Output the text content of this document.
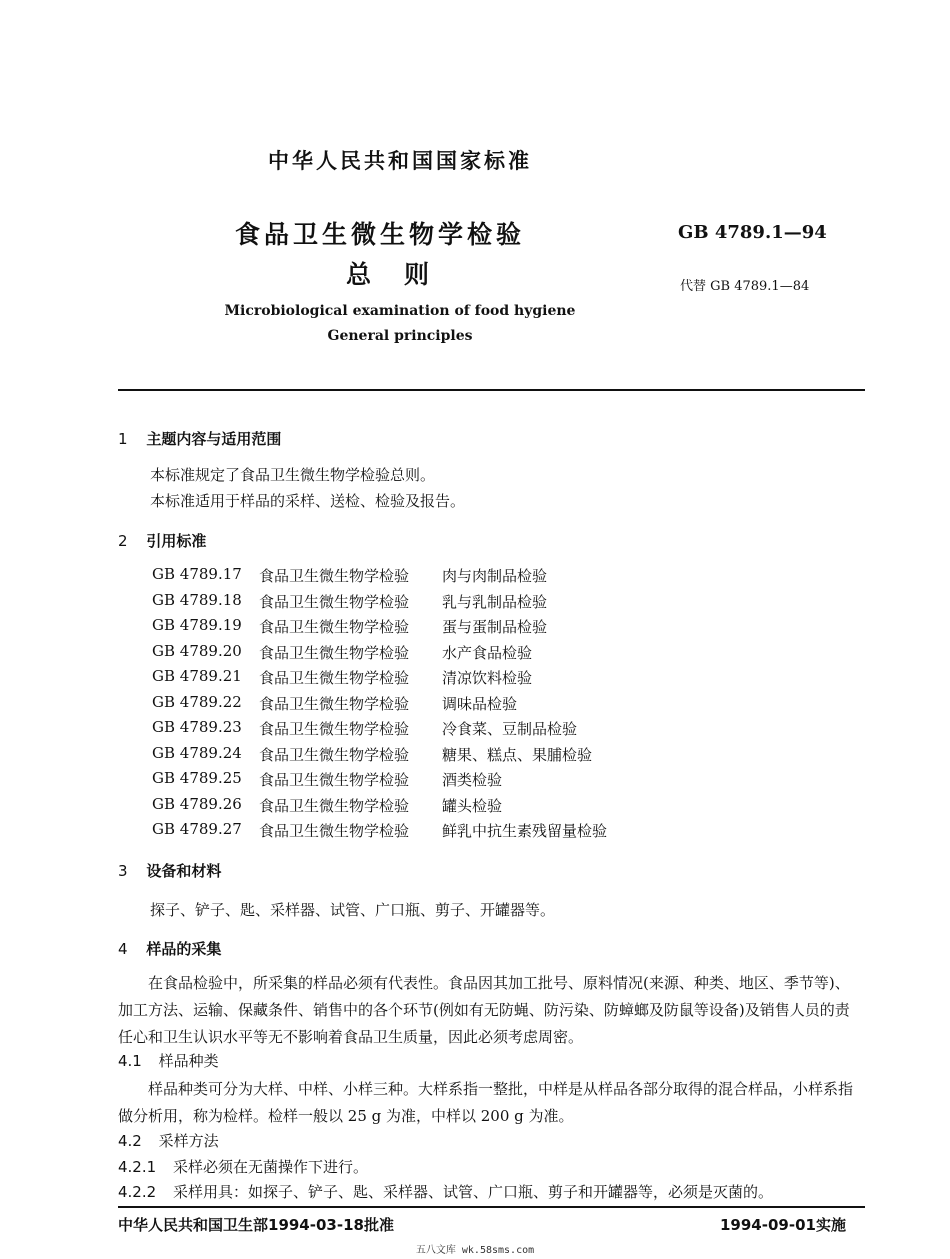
中华人民共和国国家标准
食品卫生微生物学检验
总　则
GB 4789.1—94
代替 GB 4789.1—84
Microbiological examination of food hygiene
General principles
1 主题内容与适用范围
本标准规定了食品卫生微生物学检验总则。
本标准适用于样品的采样、送检、检验及报告。
2 引用标准
GB 4789.17 食品卫生微生物学检验 肉与肉制品检验
GB 4789.18 食品卫生微生物学检验 乳与乳制品检验
GB 4789.19 食品卫生微生物学检验 蛋与蛋制品检验
GB 4789.20 食品卫生微生物学检验 水产食品检验
GB 4789.21 食品卫生微生物学检验 清凉饮料检验
GB 4789.22 食品卫生微生物学检验 调味品检验
GB 4789.23 食品卫生微生物学检验 冷食菜、豆制品检验
GB 4789.24 食品卫生微生物学检验 糖果、糕点、果脯检验
GB 4789.25 食品卫生微生物学检验 酒类检验
GB 4789.26 食品卫生微生物学检验 罐头检验
GB 4789.27 食品卫生微生物学检验 鲜乳中抗生素残留量检验
3 设备和材料
探子、铲子、匙、采样器、试管、广口瓶、剪子、开罐器等。
4 样品的采集
在食品检验中，所采集的样品必须有代表性。食品因其加工批号、原料情况(来源、种类、地区、季节等)、加工方法、运输、保藏条件、销售中的各个环节(例如有无防蝇、防污染、防蟑螂及防鼠等设备)及销售人员的责任心和卫生认识水平等无不影响着食品卫生质量，因此必须考虑周密。
4.1 样品种类
样品种类可分为大样、中样、小样三种。大样系指一整批，中样是从样品各部分取得的混合样品，小样系指做分析用，称为检样。检样一般以 25 g 为准，中样以 200 g 为准。
4.2 采样方法
4.2.1 采样必须在无菌操作下进行。
4.2.2 采样用具：如探子、铲子、匙、采样器、试管、广口瓶、剪子和开罐器等，必须是灭菌的。
中华人民共和国卫生部1994-03-18批准	1994-09-01实施
五八文库 wk.58sms.com
